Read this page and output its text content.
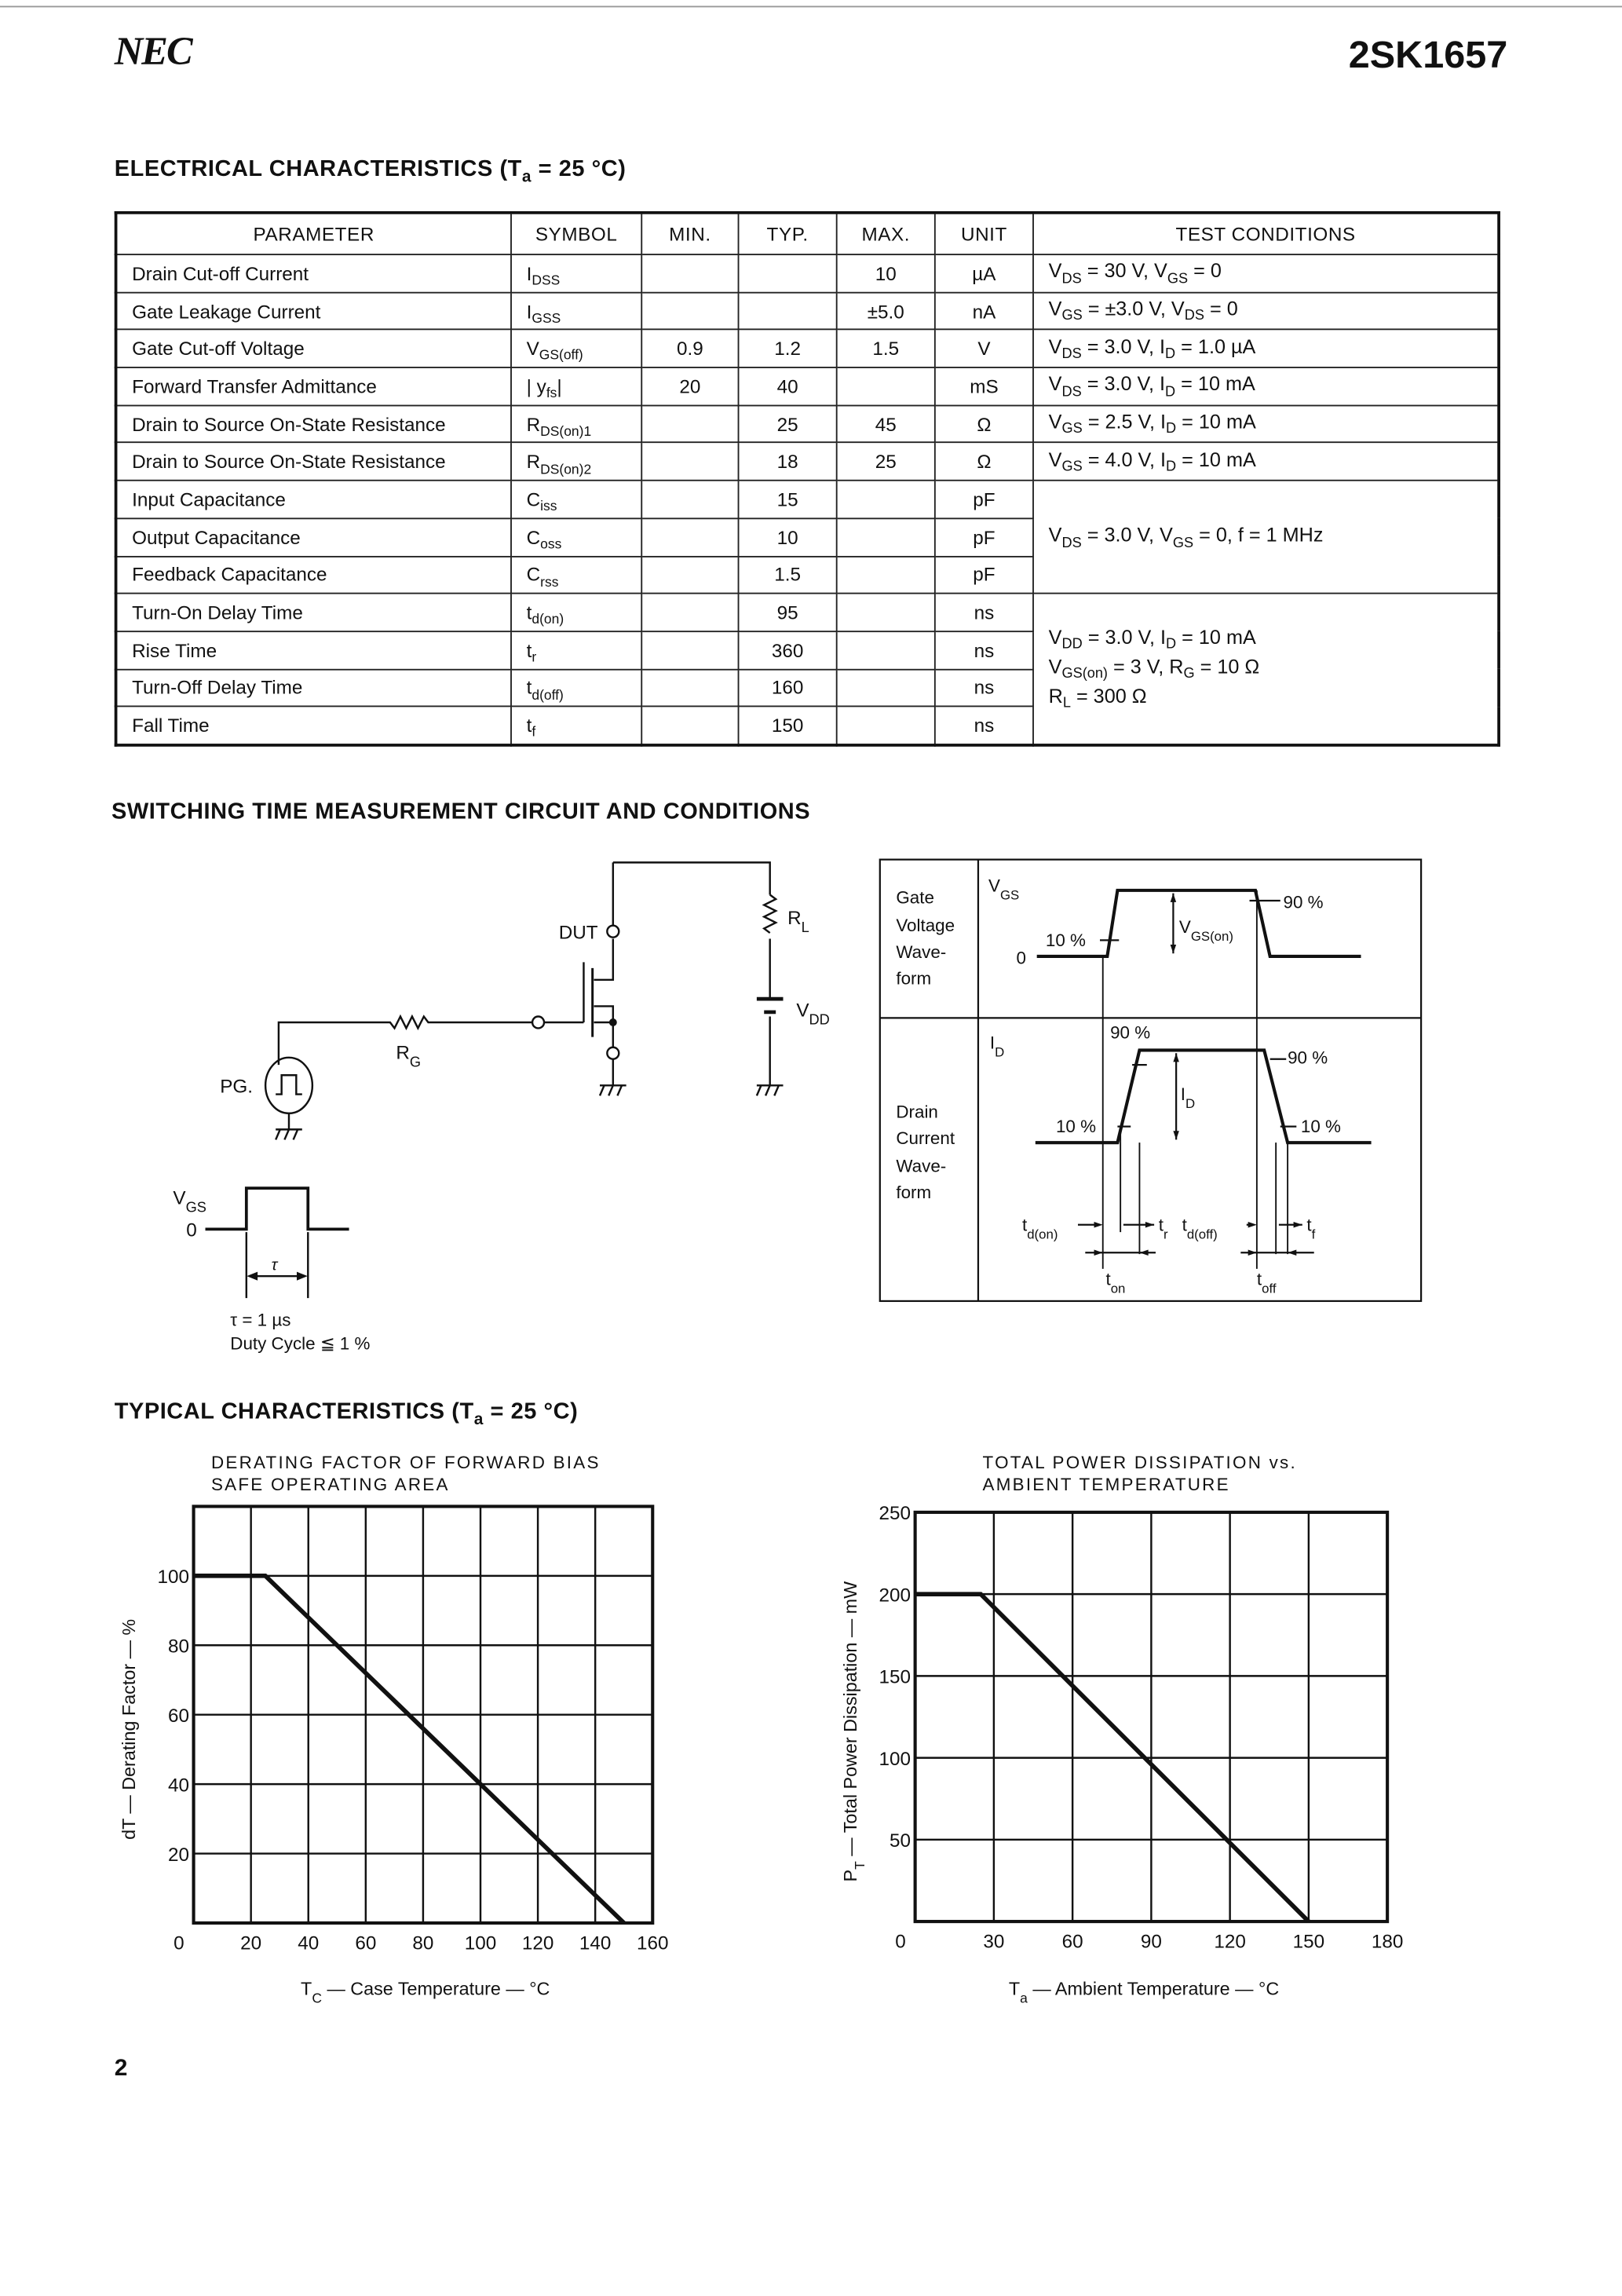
NEC	2SK1657
ELECTRICAL CHARACTERISTICS ($T_a = 25$ °C)
PARAMETER	SYMBOL	MIN.	TYP.	MAX.	UNIT	TEST CONDITIONS
Drain Cut-off Current	$I_{DSS}$			10	µA	$V_{DS} = 30$ V, $V_{GS} = 0$
Gate Leakage Current	$I_{GSS}$			±5.0	nA	$V_{GS} = \pm 3.0$ V, $V_{DS} = 0$
Gate Cut-off Voltage	$V_{GS(off)}$	0.9	1.2	1.5	V	$V_{DS} = 3.0$ V, $I_D = 1.0$ µA
Forward Transfer Admittance	| $y_{fs}|$	20	40		mS	$V_{DS} = 3.0$ V, $I_D = 10$ mA
Drain to Source On-State Resistance	$R_{DS(on)1}$		25	45	Ω	$V_{GS} = 2.5$ V, $I_D = 10$ mA
Drain to Source On-State Resistance	$R_{DS(on)2}$		18	25	Ω	$V_{GS} = 4.0$ V, $I_D = 10$ mA
Input Capacitance	$C_{iss}$		15		pF	$V_{DS} = 3.0$ V, $V_{GS} = 0$, f = 1 MHz
Output Capacitance	$C_{oss}$		10		pF	
Feedback Capacitance	$C_{rss}$		1.5		pF	
Turn-On Delay Time	$t_{d(on)}$		95		ns	$V_{DD} = 3.0$ V, $I_D = 10$ mA
$V_{GS(on)} = 3$ V, $R_G = 10$ Ω
$R_L = 300$ Ω

Rise Time	$t_r$		360		ns	
Turn-Off Delay Time	$t_{d(off)}$		160		ns	
Fall Time	$t_f$		150		ns	
SWITCHING TIME MEASUREMENT CIRCUIT AND CONDITIONS
DUT
$R_L$
$V_{DD}$
$R_G$
PG.
$V_{GS}$
0
τ
τ = 1 µs
Duty Cycle ≦ 1 %
Gate
Voltage
Wave-
form
Drain
Current
Wave-
form
$V_{GS}$
0
10 %
90 %
$V_{GS(on)}$
$I_D$
90 %
10 %
90 %
10 %
$I_D$
$t_{d(on)}$	$t_r$ $t_{d(off)}$	$t_f$
$t_{on}$	$t_{off}$
TYPICAL CHARACTERISTICS ($T_a = 25$ °C)
0	20	40	60	80	100	120	140	160
20
40
60
80
100
DERATING FACTOR OF FORWARD BIAS
SAFE OPERATING AREA
$T_C$ — Case Temperature — °C
dT — Derating Factor — %
0	30	60	90	120	150	180
50
100
150
200
250
TOTAL POWER DISSIPATION vs.
AMBIENT TEMPERATURE
$T_a$ — Ambient Temperature — °C
$P_T$ — Total Power Dissipation — mW
2
